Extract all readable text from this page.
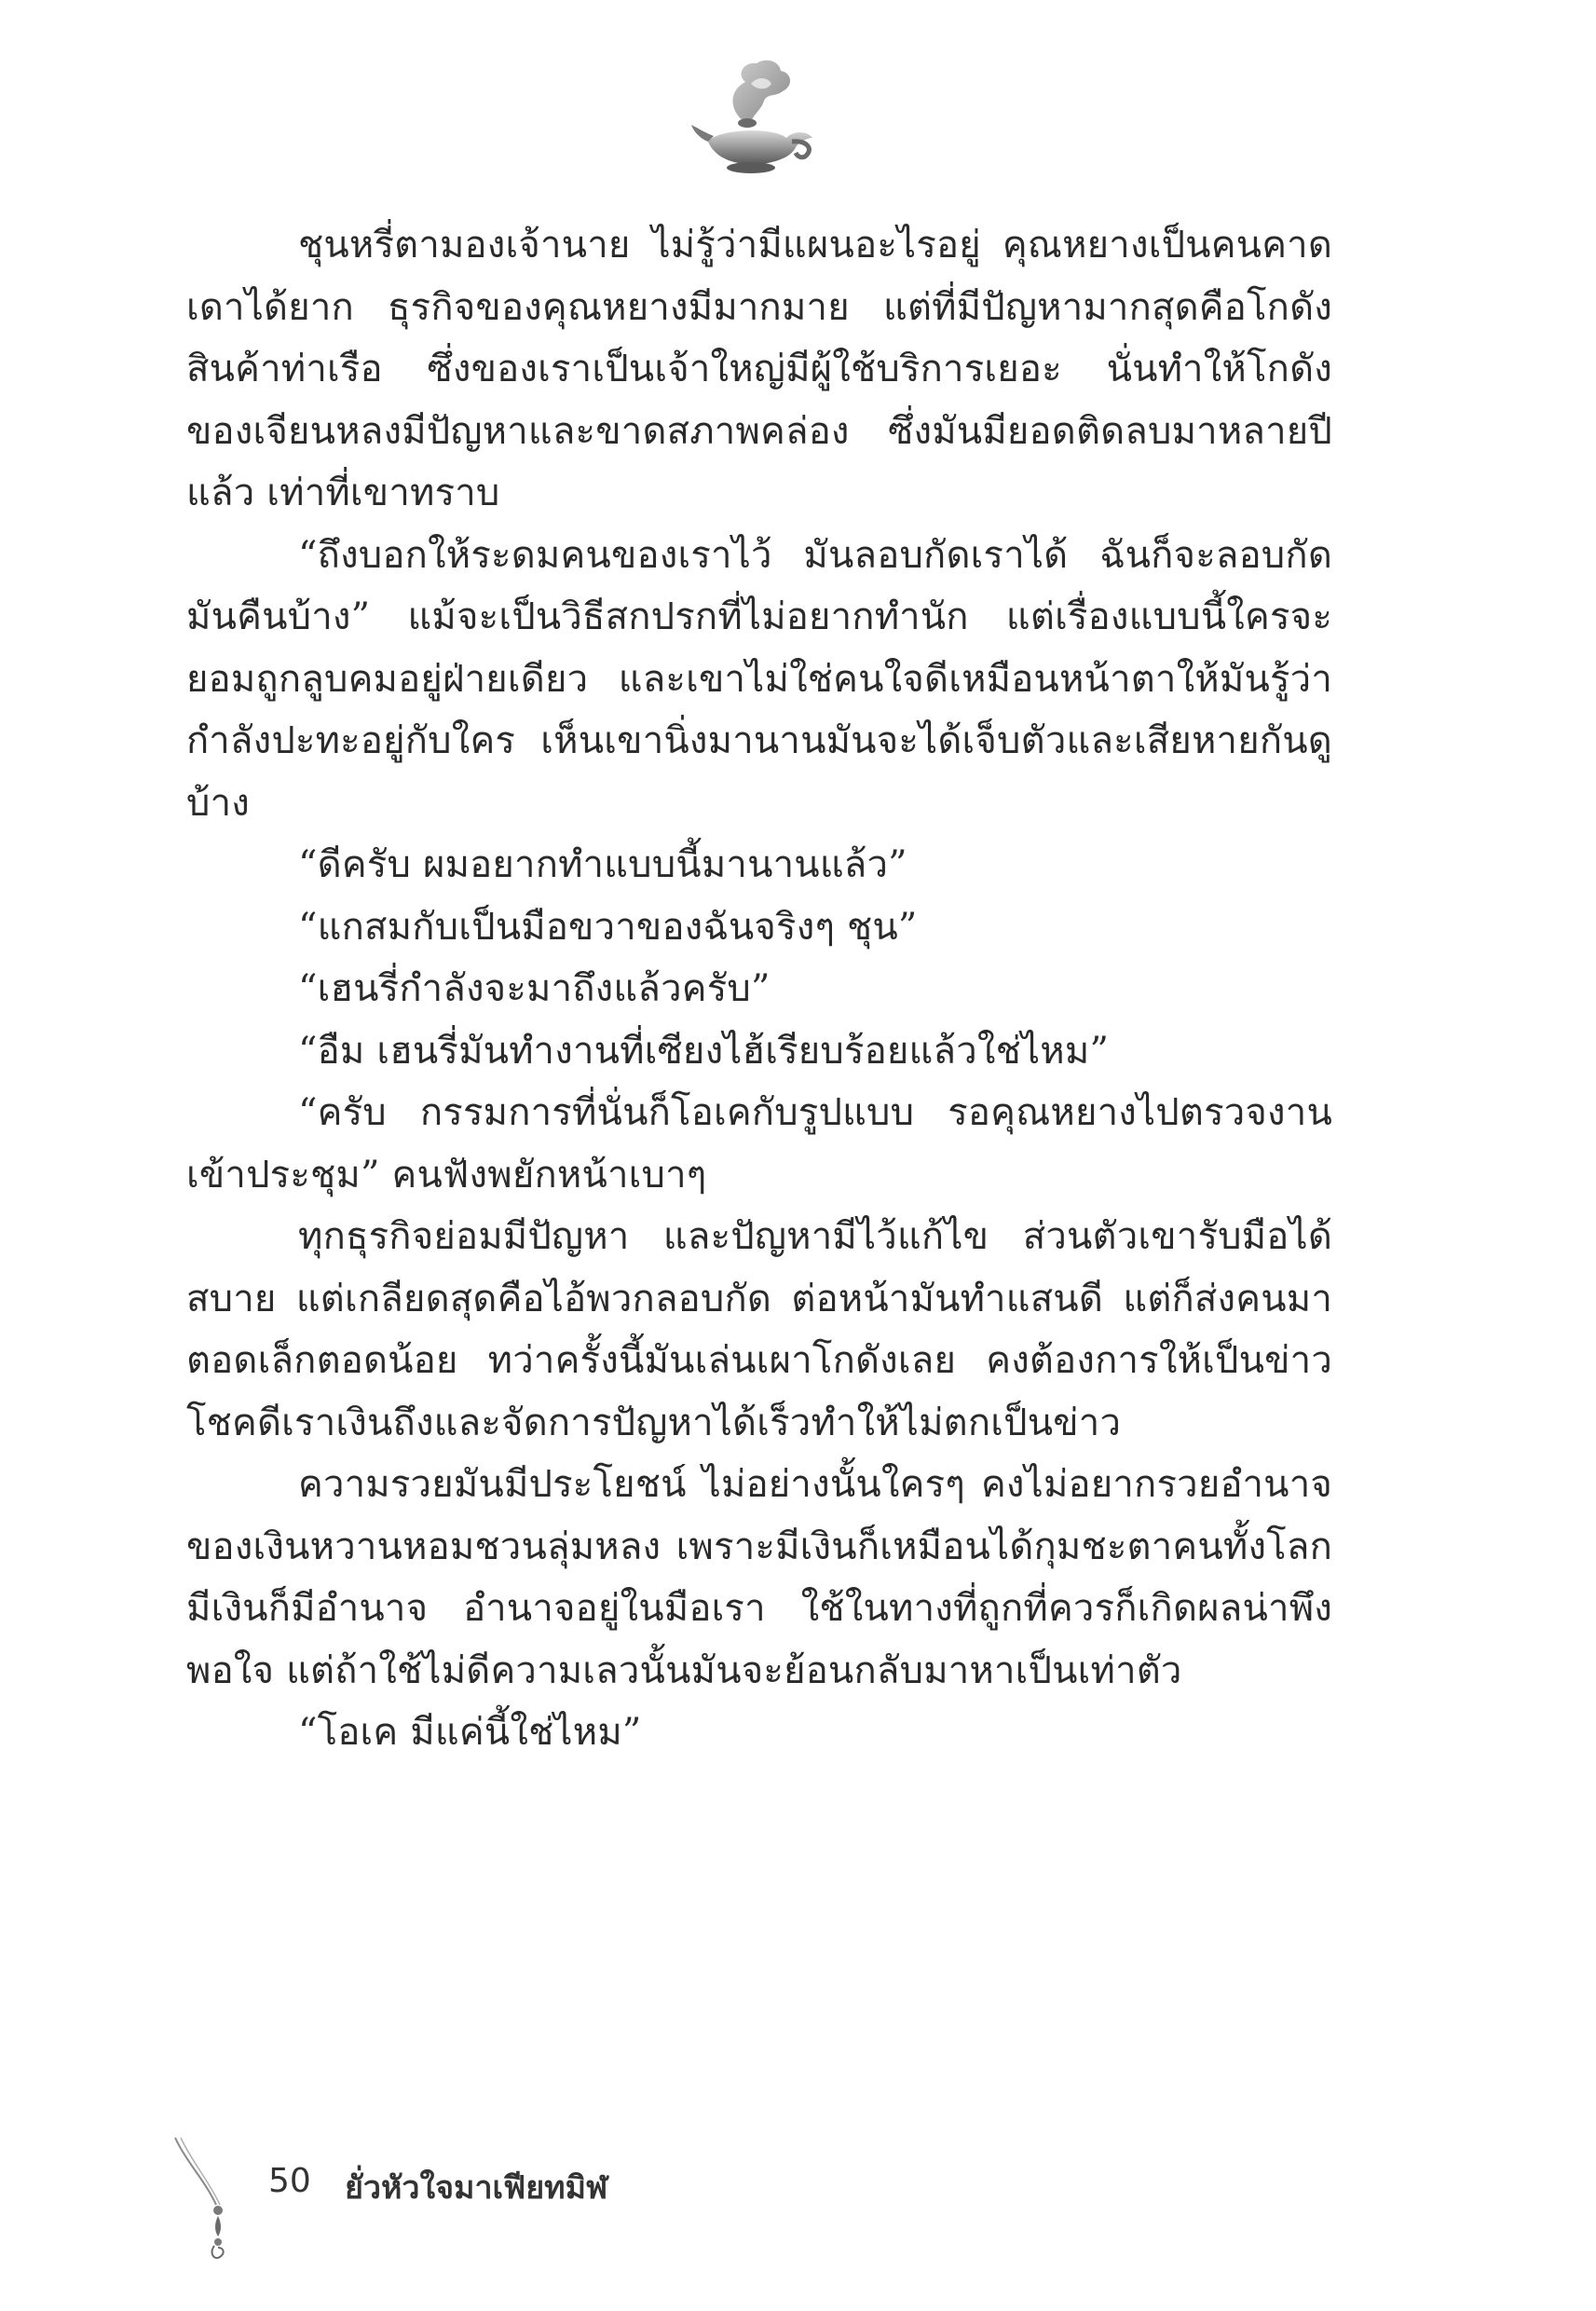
ชุนหรี่ตามองเจ้านาย ไม่รู้ว่ามีแผนอะไรอยู่ คุณหยางเป็นคนคาดเดาได้ยาก ธุรกิจของคุณหยางมีมากมาย แต่ที่มีปัญหามากสุดคือโกดังสินค้าท่าเรือ ซึ่งของเราเป็นเจ้าใหญ่มีผู้ใช้บริการเยอะ นั่นทำให้โกดังของเจียนหลงมีปัญหาและขาดสภาพคล่อง ซึ่งมันมียอดติดลบมาหลายปีแล้ว เท่าที่เขาทราบ

“ถึงบอกให้ระดมคนของเราไว้ มันลอบกัดเราได้ ฉันก็จะลอบกัดมันคืนบ้าง” แม้จะเป็นวิธีสกปรกที่ไม่อยากทำนัก แต่เรื่องแบบนี้ใครจะยอมถูกลูบคมอยู่ฝ่ายเดียว และเขาไม่ใช่คนใจดีเหมือนหน้าตาให้มันรู้ว่ากำลังปะทะอยู่กับใคร เห็นเขานิ่งมานานมันจะได้เจ็บตัวและเสียหายกันดูบ้าง

“ดีครับ ผมอยากทำแบบนี้มานานแล้ว”

“แกสมกับเป็นมือขวาของฉันจริงๆ ชุน”

“เฮนรี่กำลังจะมาถึงแล้วครับ”

“อืม เฮนรี่มันทำงานที่เซียงไฮ้เรียบร้อยแล้วใช่ไหม”

“ครับ กรรมการที่นั่นก็โอเคกับรูปแบบ รอคุณหยางไปตรวจงานเข้าประชุม” คนฟังพยักหน้าเบาๆ

ทุกธุรกิจย่อมมีปัญหา และปัญหามีไว้แก้ไข ส่วนตัวเขารับมือได้สบาย แต่เกลียดสุดคือไอ้พวกลอบกัด ต่อหน้ามันทำแสนดี แต่ก็ส่งคนมาตอดเล็กตอดน้อย ทว่าครั้งนี้มันเล่นเผาโกดังเลย คงต้องการให้เป็นข่าว โชคดีเราเงินถึงและจัดการปัญหาได้เร็วทำให้ไม่ตกเป็นข่าว

ความรวยมันมีประโยชน์ ไม่อย่างนั้นใครๆ คงไม่อยากรวยอำนาจของเงินหวานหอมชวนลุ่มหลง เพราะมีเงินก็เหมือนได้กุมชะตาคนทั้งโลก มีเงินก็มีอำนาจ อำนาจอยู่ในมือเรา ใช้ในทางที่ถูกที่ควรก็เกิดผลน่าพึงพอใจ แต่ถ้าใช้ไม่ดีความเลวนั้นมันจะย้อนกลับมาหาเป็นเท่าตัว

“โอเค มีแค่นี้ใช่ไหม”

50 ยั่วหัวใจมาเฟียทมิฬ
